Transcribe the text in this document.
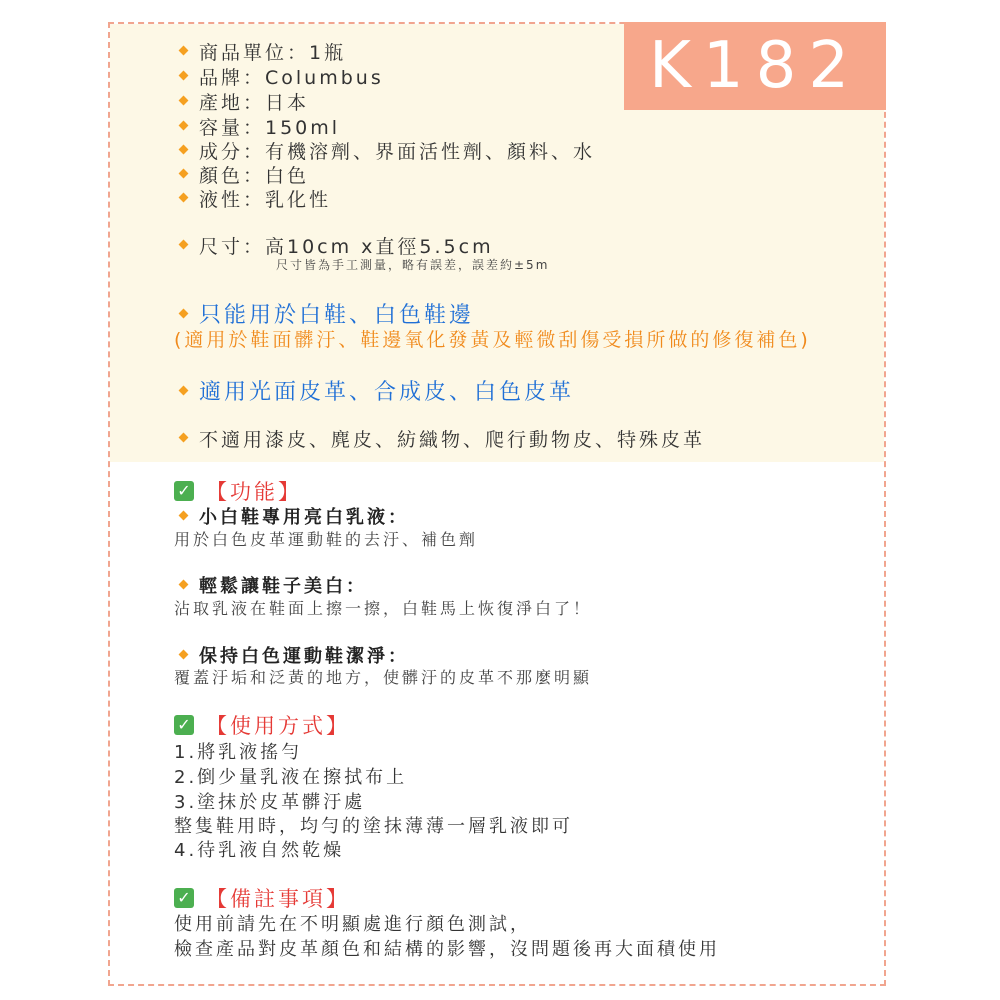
K182
商品單位：1瓶
品牌：Columbus
產地：日本
容量：150ml
成分：有機溶劑、界面活性劑、顏料、水
顏色：白色
液性：乳化性
尺寸：高10cm x直徑5.5cm
尺寸皆為手工測量，略有誤差，誤差約±5m
只能用於白鞋、白色鞋邊
(適用於鞋面髒汙、鞋邊氧化發黃及輕微刮傷受損所做的修復補色)
適用光面皮革、合成皮、白色皮革
不適用漆皮、麂皮、紡織物、爬行動物皮、特殊皮革
✓ 【功能】
小白鞋專用亮白乳液：
用於白色皮革運動鞋的去汙、補色劑
輕鬆讓鞋子美白：
沾取乳液在鞋面上擦一擦，白鞋馬上恢復淨白了！
保持白色運動鞋潔淨：
覆蓋汙垢和泛黃的地方，使髒汙的皮革不那麼明顯
✓ 【使用方式】
1.將乳液搖勻
2.倒少量乳液在擦拭布上
3.塗抹於皮革髒汙處
整隻鞋用時，均勻的塗抹薄薄一層乳液即可
4.待乳液自然乾燥
✓ 【備註事項】
使用前請先在不明顯處進行顏色測試，
檢查產品對皮革顏色和結構的影響，沒問題後再大面積使用
